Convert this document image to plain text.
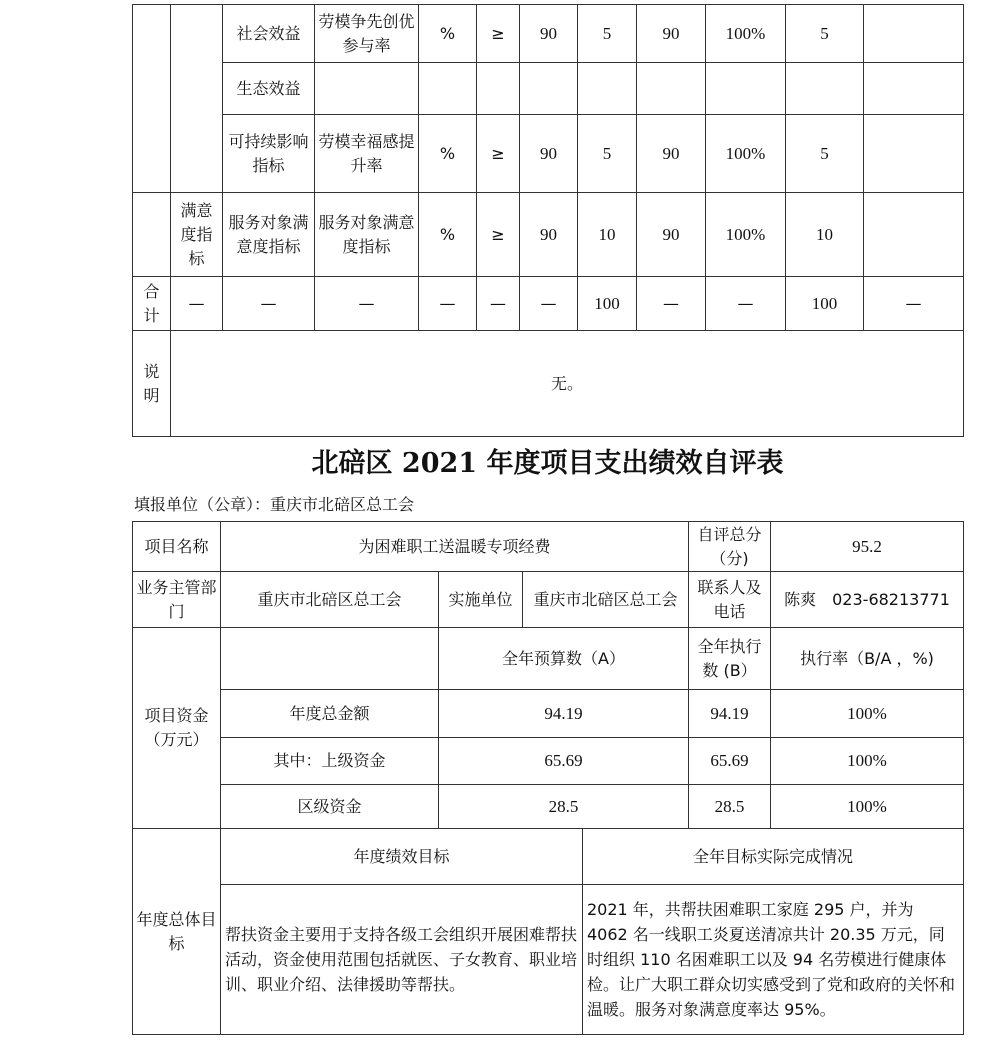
		社会效益	劳模争先创优参与率	%	≥	90	5	90	100%	5	
		生态效益									
		可持续影响指标	劳模幸福感提升率	%	≥	90	5	90	100%	5	
	满意度指标	服务对象满意度指标	服务对象满意度指标	%	≥	90	10	90	100%	10	

合计	—	—	—	—	—	—	100	—	—	100	—

说明	无。										
北碚区 2021 年度项目支出绩效自评表
填报单位（公章）：重庆市北碚区总工会
项目名称	为困难职工送温暖专项经费				自评总分（分)	95.2
业务主管部门	重庆市北碚区总工会	实施单位	重庆市北碚区总工会		联系人及电话	陈爽　023-68213771
项目资金（万元）		全年预算数（A）			全年执行数 (B）	执行率（B/A ，%)
	年度总金额	94.19			94.19	100%
	其中：上级资金	65.69			65.69	100%
	区级资金	28.5			28.5	100%
年度总体目标	年度绩效目标			全年目标实际完成情况		
	帮扶资金主要用于支持各级工会组织开展困难帮扶活动，资金使用范围包括就医、子女教育、职业培训、职业介绍、法律援助等帮扶。			2021 年，共帮扶困难职工家庭 295 户，并为 4062 名一线职工炎夏送清凉共计 20.35 万元，同时组织 110 名困难职工以及 94 名劳模进行健康体检。让广大职工群众切实感受到了党和政府的关怀和温暖。服务对象满意度率达 95%。		
